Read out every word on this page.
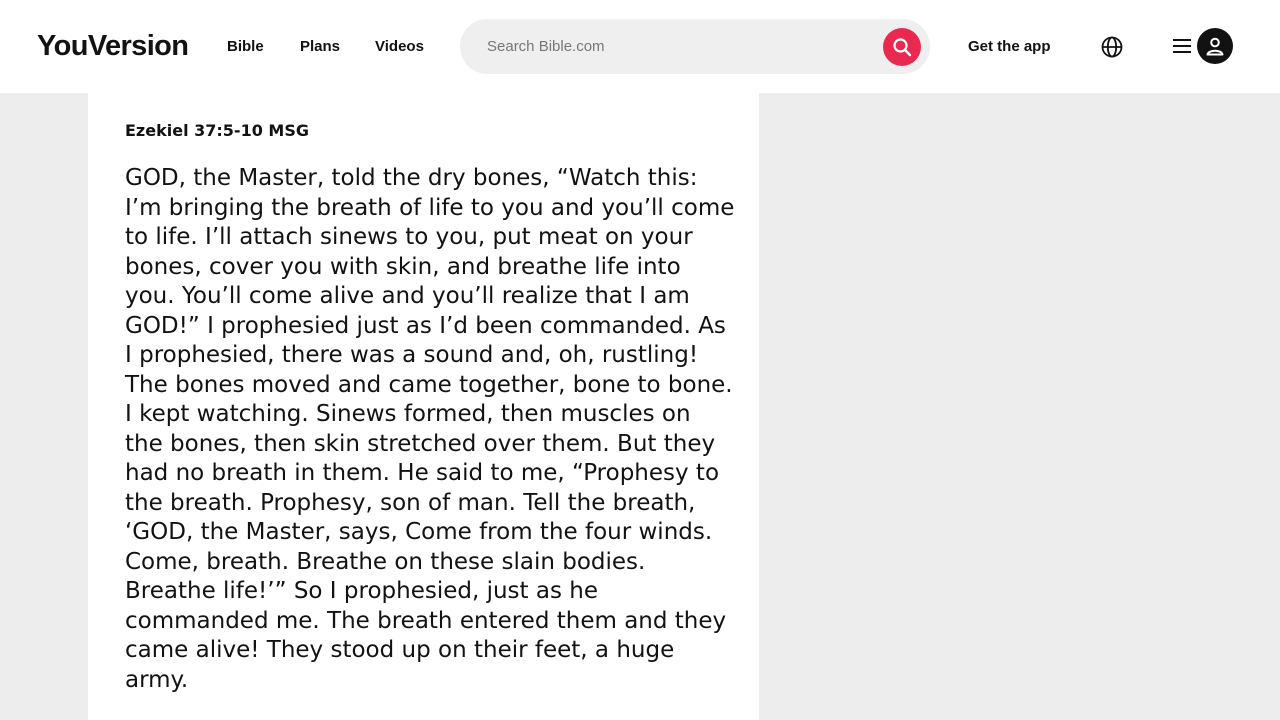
YouVersion	Bible Plans Videos
Search Bible.com	Get the app
Ezekiel 37:5-10 MSG

GOD, the Master, told the dry bones, “Watch this: I’m bringing the breath of life to you and you’ll come to life. I’ll attach sinews to you, put meat on your bones, cover you with skin, and breathe life into you. You’ll come alive and you’ll realize that I am GOD!” I prophesied just as I’d been commanded. As I prophesied, there was a sound and, oh, rustling! The bones moved and came together, bone to bone. I kept watching. Sinews formed, then muscles on the bones, then skin stretched over them. But they had no breath in them. He said to me, “Prophesy to the breath. Prophesy, son of man. Tell the breath, ‘GOD, the Master, says, Come from the four winds. Come, breath. Breathe on these slain bodies. Breathe life!’” So I prophesied, just as he commanded me. The breath entered them and they came alive! They stood up on their feet, a huge army.
